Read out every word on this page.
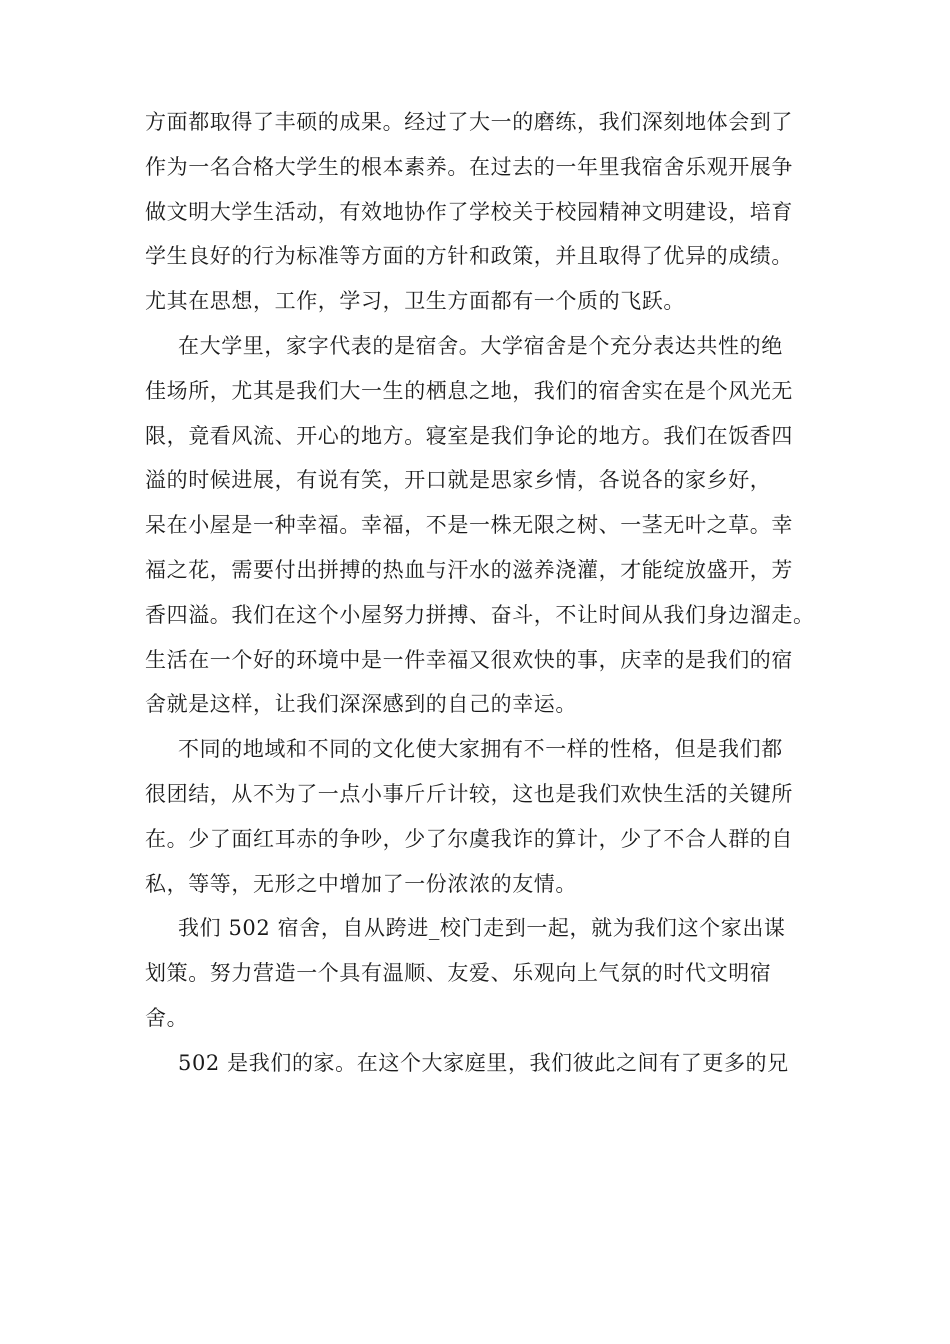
方面都取得了丰硕的成果。经过了大一的磨练，我们深刻地体会到了
作为一名合格大学生的根本素养。在过去的一年里我宿舍乐观开展争
做文明大学生活动，有效地协作了学校关于校园精神文明建设，培育
学生良好的行为标准等方面的方针和政策，并且取得了优异的成绩。
尤其在思想，工作，学习，卫生方面都有一个质的飞跃。
在大学里，家字代表的是宿舍。大学宿舍是个充分表达共性的绝
佳场所，尤其是我们大一生的栖息之地，我们的宿舍实在是个风光无
限，竟看风流、开心的地方。寝室是我们争论的地方。我们在饭香四
溢的时候进展，有说有笑，开口就是思家乡情，各说各的家乡好，
呆在小屋是一种幸福。幸福，不是一株无限之树、一茎无叶之草。幸
福之花，需要付出拼搏的热血与汗水的滋养浇灌，才能绽放盛开，芳
香四溢。我们在这个小屋努力拼搏、奋斗，不让时间从我们身边溜走。
生活在一个好的环境中是一件幸福又很欢快的事，庆幸的是我们的宿
舍就是这样，让我们深深感到的自己的幸运。
不同的地域和不同的文化使大家拥有不一样的性格，但是我们都
很团结，从不为了一点小事斤斤计较，这也是我们欢快生活的关键所
在。少了面红耳赤的争吵，少了尔虞我诈的算计，少了不合人群的自
私，等等，无形之中增加了一份浓浓的友情。
我们 502 宿舍，自从跨进_校门走到一起，就为我们这个家出谋
划策。努力营造一个具有温顺、友爱、乐观向上气氛的时代文明宿
舍。
502 是我们的家。在这个大家庭里，我们彼此之间有了更多的兄
